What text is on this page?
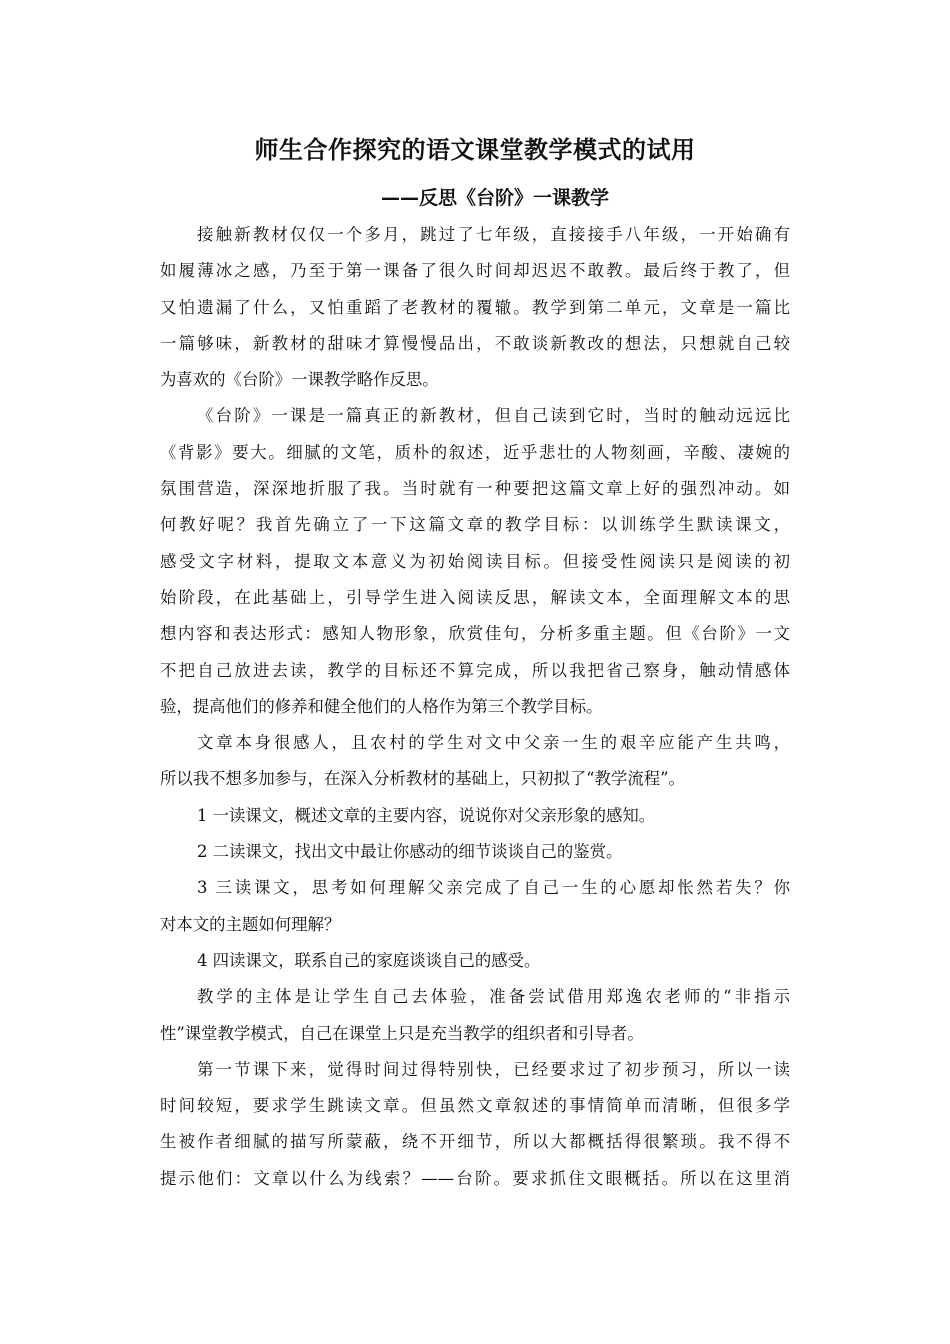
师生合作探究的语文课堂教学模式的试用
——反思《台阶》一课教学

接触新教材仅仅一个多月，跳过了七年级，直接接手八年级，一开始确有
如履薄冰之感，乃至于第一课备了很久时间却迟迟不敢教。最后终于教了，但
又怕遗漏了什么，又怕重蹈了老教材的覆辙。教学到第二单元，文章是一篇比
一篇够味，新教材的甜味才算慢慢品出，不敢谈新教改的想法，只想就自己较
为喜欢的《台阶》一课教学略作反思。

《台阶》一课是一篇真正的新教材，但自己读到它时，当时的触动远远比
《背影》要大。细腻的文笔，质朴的叙述，近乎悲壮的人物刻画，辛酸、凄婉的
氛围营造，深深地折服了我。当时就有一种要把这篇文章上好的强烈冲动。如
何教好呢？我首先确立了一下这篇文章的教学目标：以训练学生默读课文，
感受文字材料，提取文本意义为初始阅读目标。但接受性阅读只是阅读的初
始阶段，在此基础上，引导学生进入阅读反思，解读文本，全面理解文本的思
想内容和表达形式：感知人物形象，欣赏佳句，分析多重主题。但《台阶》一文
不把自己放进去读，教学的目标还不算完成，所以我把省己察身，触动情感体
验，提高他们的修养和健全他们的人格作为第三个教学目标。

文章本身很感人，且农村的学生对文中父亲一生的艰辛应能产生共鸣，
所以我不想多加参与，在深入分析教材的基础上，只初拟了“教学流程”。

1 一读课文，概述文章的主要内容，说说你对父亲形象的感知。

2 二读课文，找出文中最让你感动的细节谈谈自己的鉴赏。

3 三读课文，思考如何理解父亲完成了自己一生的心愿却怅然若失？你
对本文的主题如何理解？

4 四读课文，联系自己的家庭谈谈自己的感受。

教学的主体是让学生自己去体验，准备尝试借用郑逸农老师的“非指示
性”课堂教学模式，自己在课堂上只是充当教学的组织者和引导者。

第一节课下来，觉得时间过得特别快，已经要求过了初步预习，所以一读
时间较短，要求学生跳读文章。但虽然文章叙述的事情简单而清晰，但很多学
生被作者细腻的描写所蒙蔽，绕不开细节，所以大都概括得很繁琐。我不得不
提示他们：文章以什么为线索？——台阶。要求抓住文眼概括。所以在这里消
